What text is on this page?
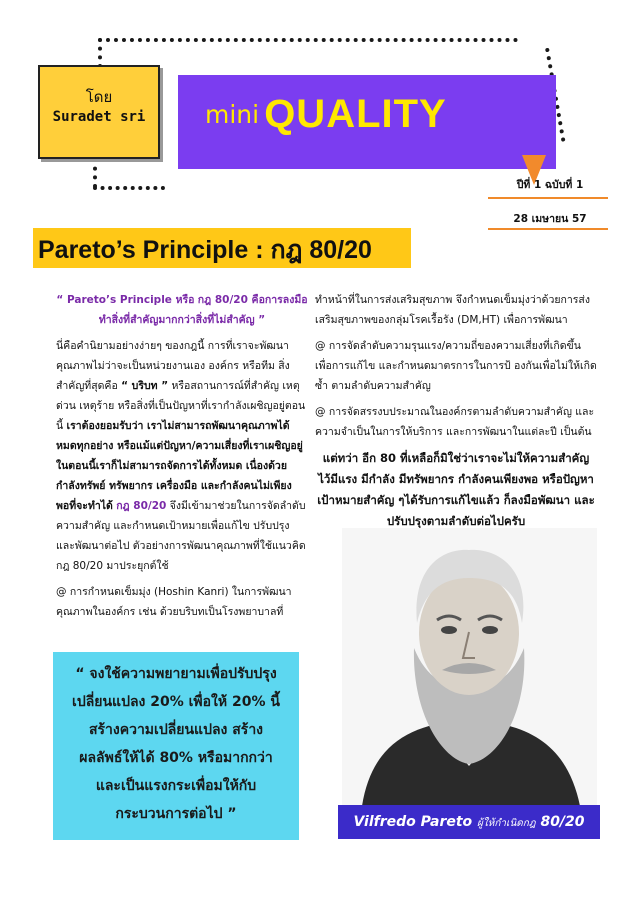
mini QUALITY
โดย
Suradet sri
ปีที่ 1 ฉบับที่ 1
28 เมษายน 57
Pareto’s Principle : กฎ 80/20

“ Pareto’s Principle หรือ กฎ 80/20 คือการลงมือ
ทำสิ่งที่สำคัญมากกว่าสิ่งที่ไม่สำคัญ ”

นี่คือคำนิยามอย่างง่ายๆ ของกฎนี้ การที่เราจะพัฒนาคุณภาพไม่ว่าจะเป็นหน่วยงานเอง องค์กร หรือทีม สิ่งสำคัญที่สุดคือ “ บริบท ” หรือสถานการณ์ที่สำคัญ เหตุด่วน เหตุร้าย หรือสิ่งที่เป็นปัญหาที่เรากำลังเผชิญอยู่ตอนนี้ เราต้องยอมรับว่า เราไม่สามารถพัฒนาคุณภาพได้หมดทุกอย่าง หรือแม้แต่ปัญหา/ความเสี่ยงที่เราเผชิญอยู่ในตอนนี้เราก็ไม่สามารถจัดการได้ทั้งหมด เนื่องด้วยกำลังทรัพย์ ทรัพยากร เครื่องมือ และกำลังคนไม่เพียงพอที่จะทำได้ กฎ 80/20 จึงมีเข้ามาช่วยในการจัดลำดับความสำคัญ และกำหนดเป้าหมายเพื่อแก้ไข ปรับปรุง และพัฒนาต่อไป ตัวอย่างการพัฒนาคุณภาพที่ใช้แนวคิดกฎ 80/20 มาประยุกต์ใช้

@ การกำหนดเข็มมุ่ง (Hoshin Kanri) ในการพัฒนาคุณภาพในองค์กร เช่น ด้วยบริบทเป็นโรงพยาบาลที่

ทำหน้าที่ในการส่งเสริมสุขภาพ จึงกำหนดเข็มมุ่งว่าด้วยการส่งเสริมสุขภาพของกลุ่มโรคเรื้อรัง (DM,HT) เพื่อการพัฒนา

@ การจัดลำดับความรุนแรง/ความถี่ของความเสี่ยงที่เกิดขึ้น เพื่อการแก้ไข และกำหนดมาตรการในการป้ องกันเพื่อไม่ให้เกิดซ้ำ ตามลำดับความสำคัญ

@ การจัดสรรงบประมาณในองค์กรตามลำดับความสำคัญ และความจำเป็นในการให้บริการ และการพัฒนาในแต่ละปี เป็นต้น

แต่ทว่า อีก 80 ที่เหลือก็มิใช่ว่าเราจะไม่ให้ความสำคัญ ไว้มีแรง มีกำลัง มีทรัพยากร กำลังคนเพียงพอ หรือปัญหา เป้าหมายสำคัญ ๆได้รับการแก้ไขแล้ว ก็ลงมือพัฒนา และปรับปรุงตามลำดับต่อไปครับ

“ จงใช้ความพยายามเพื่อปรับปรุง
เปลี่ยนแปลง 20% เพื่อให้ 20% นี้
สร้างความเปลี่ยนแปลง สร้าง
ผลลัพธ์ให้ได้ 80% หรือมากกว่า
และเป็นแรงกระเพื่อมให้กับ
กระบวนการต่อไป ”	Vilfredo Pareto ผู้ให้กำเนิดกฎ 80/20
